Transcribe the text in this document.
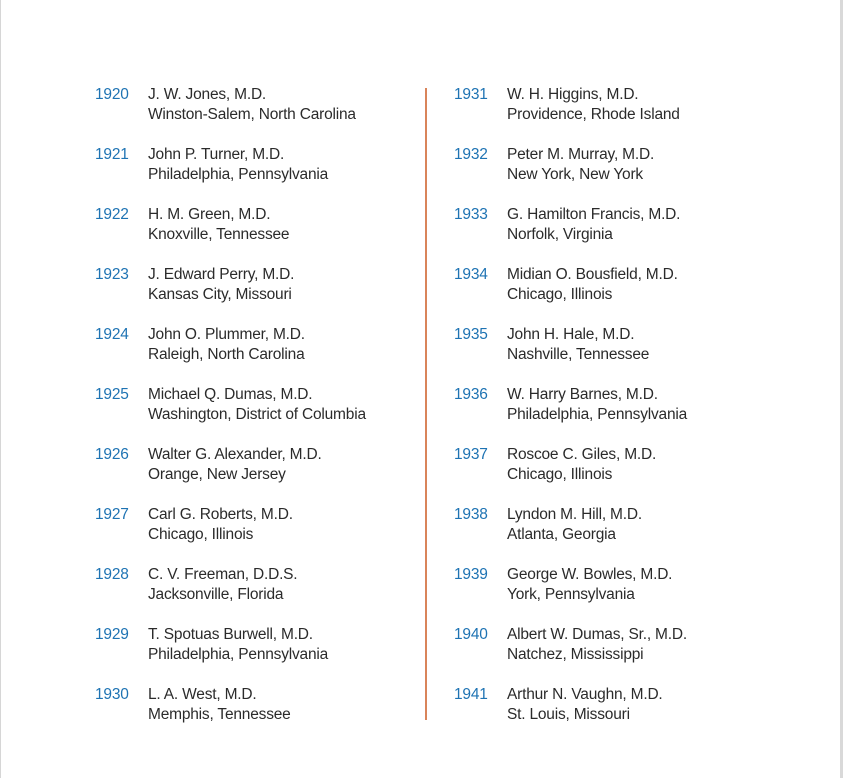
1920 J. W. Jones, M.D.
Winston-Salem, North Carolina
1921 John P. Turner, M.D.
Philadelphia, Pennsylvania
1922 H. M. Green, M.D.
Knoxville, Tennessee
1923 J. Edward Perry, M.D.
Kansas City, Missouri
1924 John O. Plummer, M.D.
Raleigh, North Carolina
1925 Michael Q. Dumas, M.D.
Washington, District of Columbia
1926 Walter G. Alexander, M.D.
Orange, New Jersey
1927 Carl G. Roberts, M.D.
Chicago, Illinois
1928 C. V. Freeman, D.D.S.
Jacksonville, Florida
1929 T. Spotuas Burwell, M.D.
Philadelphia, Pennsylvania
1930 L. A. West, M.D.
Memphis, Tennessee
1931 W. H. Higgins, M.D.
Providence, Rhode Island
1932 Peter M. Murray, M.D.
New York, New York
1933 G. Hamilton Francis, M.D.
Norfolk, Virginia
1934 Midian O. Bousfield, M.D.
Chicago, Illinois
1935 John H. Hale, M.D.
Nashville, Tennessee
1936 W. Harry Barnes, M.D.
Philadelphia, Pennsylvania
1937 Roscoe C. Giles, M.D.
Chicago, Illinois
1938 Lyndon M. Hill, M.D.
Atlanta, Georgia
1939 George W. Bowles, M.D.
York, Pennsylvania
1940 Albert W. Dumas, Sr., M.D.
Natchez, Mississippi
1941 Arthur N. Vaughn, M.D.
St. Louis, Missouri
